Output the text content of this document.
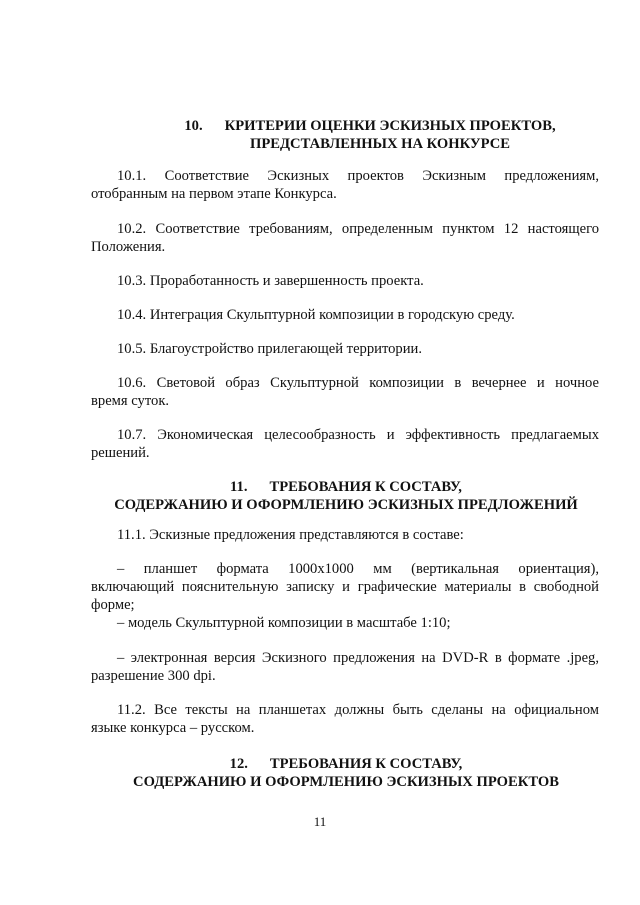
10. КРИТЕРИИ ОЦЕНКИ ЭСКИЗНЫХ ПРОЕКТОВ,
ПРЕДСТАВЛЕННЫХ НА КОНКУРСЕ
10.1. Соответствие Эскизных проектов Эскизным предложениям,
отобранным на первом этапе Конкурса.
10.2. Соответствие требованиям, определенным пунктом 12 настоящего
Положения.
10.3. Проработанность и завершенность проекта.
10.4. Интеграция Скульптурной композиции в городскую среду.
10.5. Благоустройство прилегающей территории.
10.6. Световой образ Скульптурной композиции в вечернее и ночное
время суток.
10.7. Экономическая целесообразность и эффективность предлагаемых
решений.
11. ТРЕБОВАНИЯ К СОСТАВУ,
СОДЕРЖАНИЮ И ОФОРМЛЕНИЮ ЭСКИЗНЫХ ПРЕДЛОЖЕНИЙ
11.1. Эскизные предложения представляются в составе:
– планшет формата 1000x1000 мм (вертикальная ориентация),
включающий пояснительную записку и графические материалы в свободной
форме;
– модель Скульптурной композиции в масштабе 1:10;
– электронная версия Эскизного предложения на DVD-R в формате .jpeg,
разрешение 300 dpi.
11.2. Все тексты на планшетах должны быть сделаны на официальном
языке конкурса – русском.
12. ТРЕБОВАНИЯ К СОСТАВУ,
СОДЕРЖАНИЮ И ОФОРМЛЕНИЮ ЭСКИЗНЫХ ПРОЕКТОВ
11
